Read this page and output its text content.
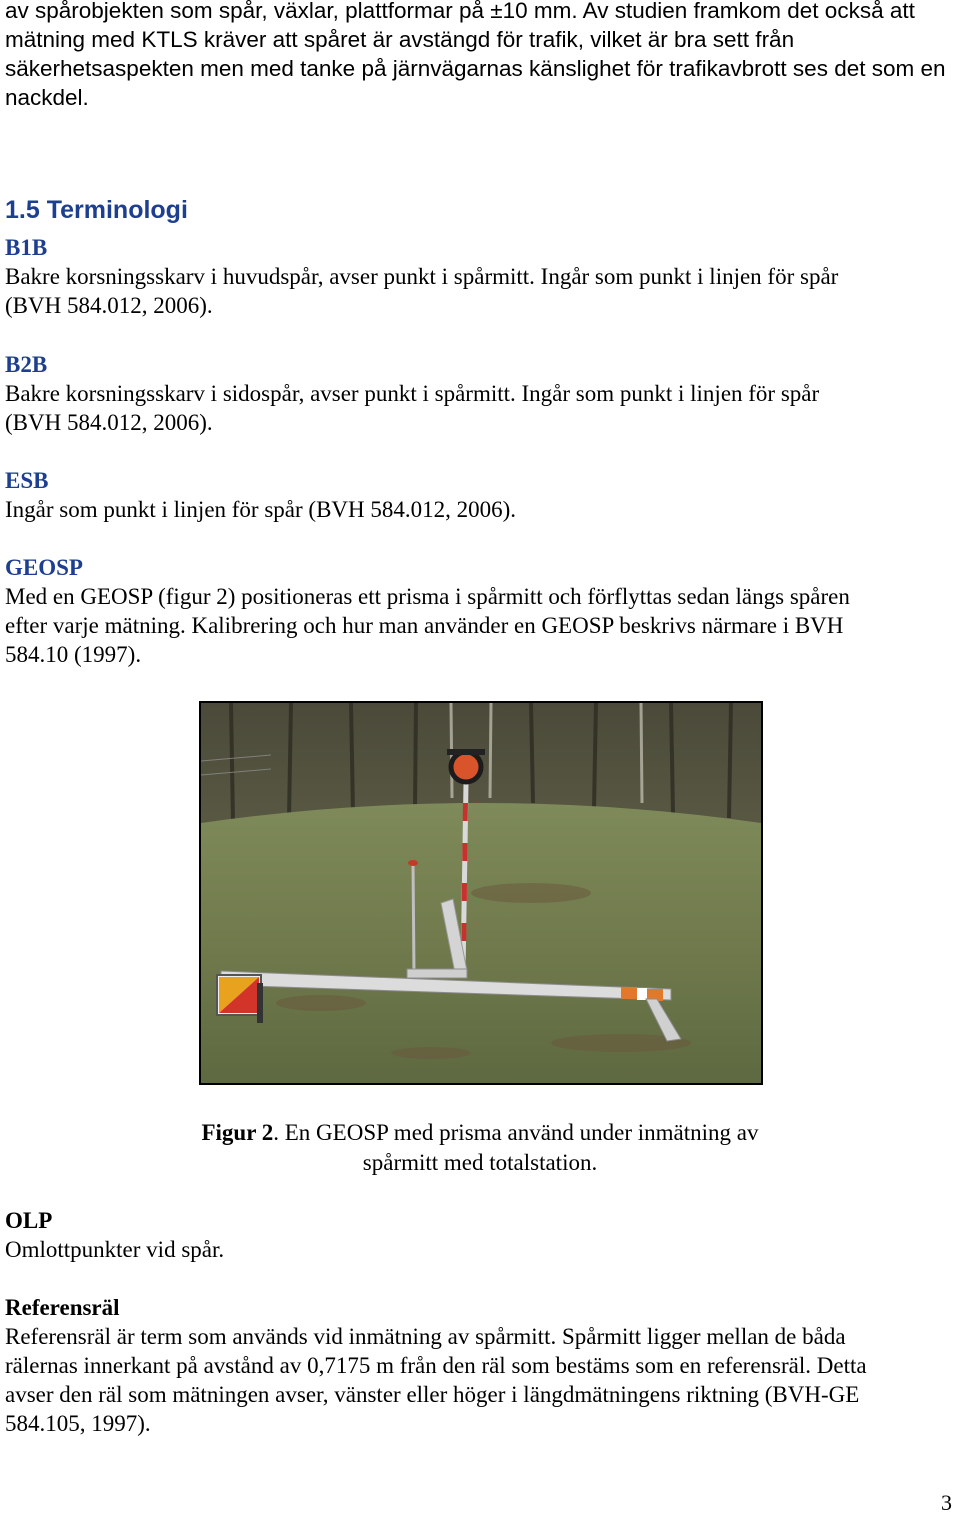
av spårobjekten som spår, växlar, plattformar på ±10 mm. Av studien framkom det också att
mätning med KTLS kräver att spåret är avstängd för trafik, vilket är bra sett från
säkerhetsaspekten men med tanke på järnvägarnas känslighet för trafikavbrott ses det som en
nackdel.
1.5 Terminologi
B1B
Bakre korsningsskarv i huvudspår, avser punkt i spårmitt. Ingår som punkt i linjen för spår
(BVH 584.012, 2006).
B2B
Bakre korsningsskarv i sidospår, avser punkt i spårmitt. Ingår som punkt i linjen för spår
(BVH 584.012, 2006).
ESB
Ingår som punkt i linjen för spår (BVH 584.012, 2006).
GEOSP
Med en GEOSP (figur 2) positioneras ett prisma i spårmitt och förflyttas sedan längs spåren
efter varje mätning. Kalibrering och hur man använder en GEOSP beskrivs närmare i BVH
584.10 (1997).
Figur 2. En GEOSP med prisma använd under inmätning av
spårmitt med totalstation.
OLP
Omlottpunkter vid spår.
Referensräl
Referensräl är term som används vid inmätning av spårmitt. Spårmitt ligger mellan de båda
rälernas innerkant på avstånd av 0,7175 m från den räl som bestäms som en referensräl. Detta
avser den räl som mätningen avser, vänster eller höger i längdmätningens riktning (BVH-GE
584.105, 1997).
3
